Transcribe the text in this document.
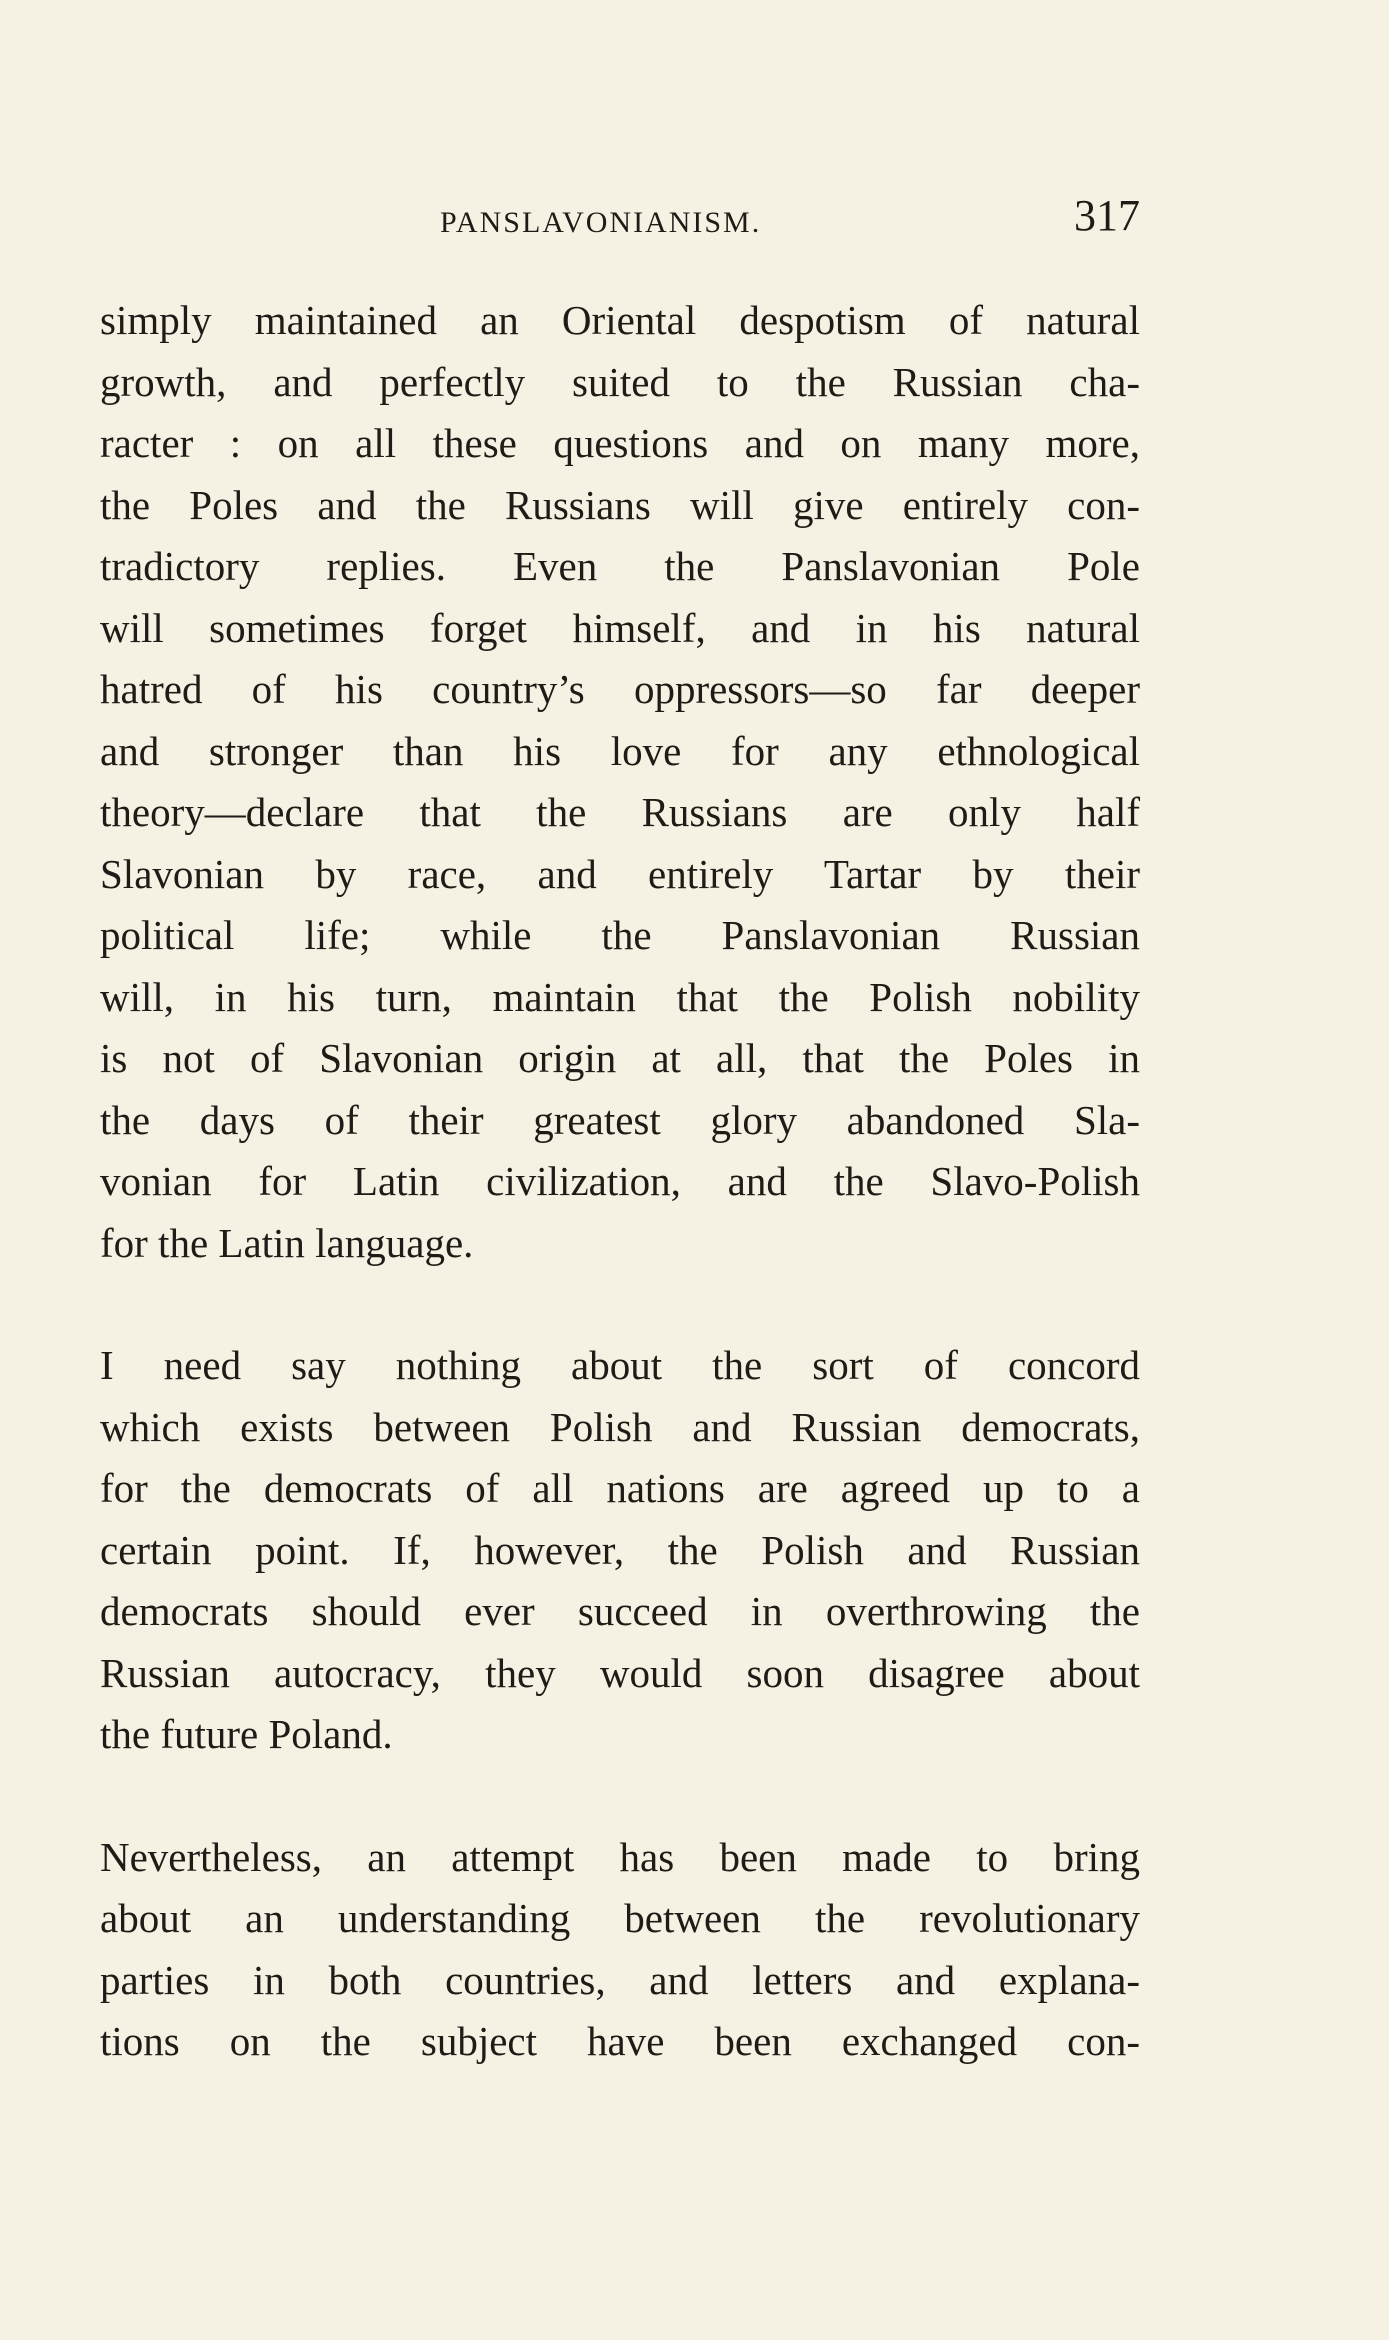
PANSLAVONIANISM.	317
simply maintained an Oriental despotism of natural
growth, and perfectly suited to the Russian cha-
racter : on all these questions and on many more,
the Poles and the Russians will give entirely con-
tradictory replies. Even the Panslavonian Pole
will sometimes forget himself, and in his natural
hatred of his country’s oppressors—so far deeper
and stronger than his love for any ethnological
theory—declare that the Russians are only half
Slavonian by race, and entirely Tartar by their
political life; while the Panslavonian Russian
will, in his turn, maintain that the Polish nobility
is not of Slavonian origin at all, that the Poles in
the days of their greatest glory abandoned Sla-
vonian for Latin civilization, and the Slavo-Polish
for the Latin language.
I need say nothing about the sort of concord
which exists between Polish and Russian democrats,
for the democrats of all nations are agreed up to a
certain point. If, however, the Polish and Russian
democrats should ever succeed in overthrowing the
Russian autocracy, they would soon disagree about
the future Poland.
Nevertheless, an attempt has been made to bring
about an understanding between the revolutionary
parties in both countries, and letters and explana-
tions on the subject have been exchanged con-
